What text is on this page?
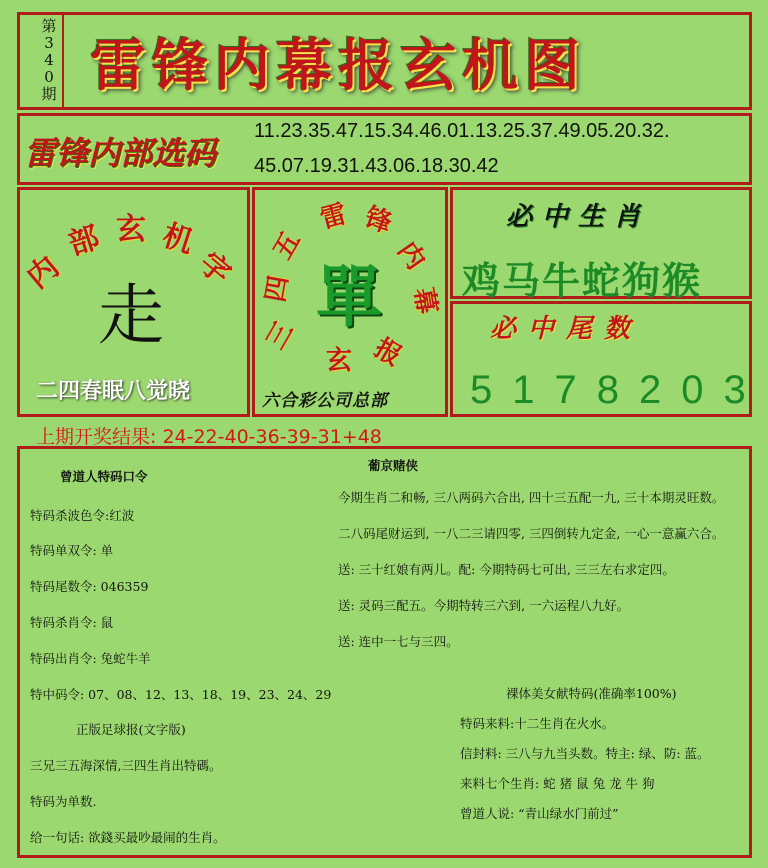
第
3
4
0
期 雷锋内幕报玄机图
雷锋内部选码
11.23.35.47.15.34.46.01.13.25.37.49.05.20.32.
45.07.19.31.43.06.18.30.42
内
部 玄 机
字
走
二四春眠八觉晓
三
四
五
雷 锋
内
幕
报
玄
單
六合彩公司总部
必中生肖
鸡马牛蛇狗猴
必中尾数
5178203
上期开奖结果: 24-22-40-36-39-31+48
曾道人特码口令
特码杀波色令:红波
特码单双令: 单
特码尾数令: 046359
特码杀肖令: 鼠
特码出肖令: 兔蛇牛羊
特中码令: 07、08、12、13、18、19、23、24、29
正版足球报(文字版)
三兄三五海深情,三四生肖出特碼。
特码为单数.
给一句话: 欲錢买最吵最闹的生肖。
葡京赌侠
今期生肖二和畅, 三八两码六合出, 四十三五配一九, 三十本期灵旺数。
二八码尾财运到, 一八二三请四零, 三四倒转九定金, 一心一意赢六合。
送: 三十红娘有两儿。配: 今期特码七可出, 三三左右求定四。
送: 灵码三配五。今期特转三六到, 一六运程八九好。
送: 连中一七与三四。
裸体美女献特码(准确率100%)
特码来料:十二生肖在火水。
信封料: 三八与九当头数。特主: 绿、防: 蓝。
来料七个生肖: 蛇 猪 鼠 兔 龙 牛 狗
曾道人说: “青山绿水门前过”
